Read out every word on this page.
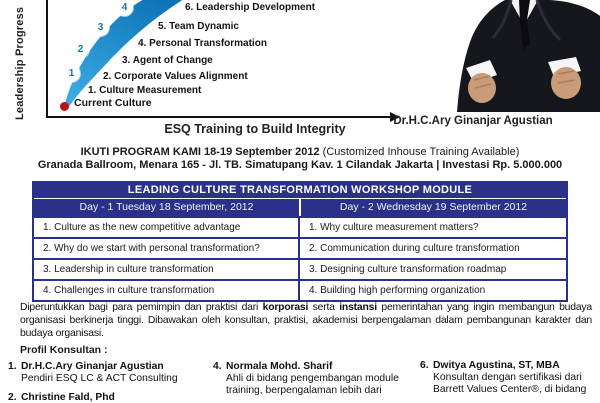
Leadership Progress	1
2
3
4
Current Culture
1. Culture Measurement
2. Corporate Values Alignment
3. Agent of Change
4. Personal Transformation
5. Team Dynamic
6. Leadership Development
ESQ Training to Build Integrity
Dr.H.C.Ary Ginanjar Agustian
IKUTI PROGRAM KAMI 18-19 September 2012 (Customized Inhouse Training Available)
Granada Ballroom, Menara 165 - Jl. TB. Simatupang Kav. 1 Cilandak Jakarta | Investasi Rp. 5.000.000
LEADING CULTURE TRANSFORMATION WORKSHOP MODULE
Day - 1 Tuesday 18 September, 2012	Day - 2 Wednesday 19 September 2012
1. Culture as the new competitive advantage	1. Why culture measurement matters?
2. Why do we start with personal transformation?	2. Communication during culture transformation
3. Leadership in culture transformation	3. Designing culture transformation roadmap
4. Challenges in culture transformation	4. Building high performing organization
Diperuntukkan bagi para pemimpin dan praktisi dari korporasi serta instansi pemerintahan yang ingin membangun budaya organisasi berkinerja tinggi. Dibawakan oleh konsultan, praktisi, akademisi berpengalaman dalam pembangunan karakter dan budaya organisasi.
Profil Konsultan :
1. Dr.H.C.Ary Ginanjar Agustian
Pendiri ESQ LC & ACT Consulting
2. Christine Fald, Phd
4. Normala Mohd. Sharif
Ahli di bidang pengembangan module
training, berpengalaman lebih dari
6. Dwitya Agustina, ST, MBA
Konsultan dengan sertifikasi dari
Barrett Values Center®, di bidang
